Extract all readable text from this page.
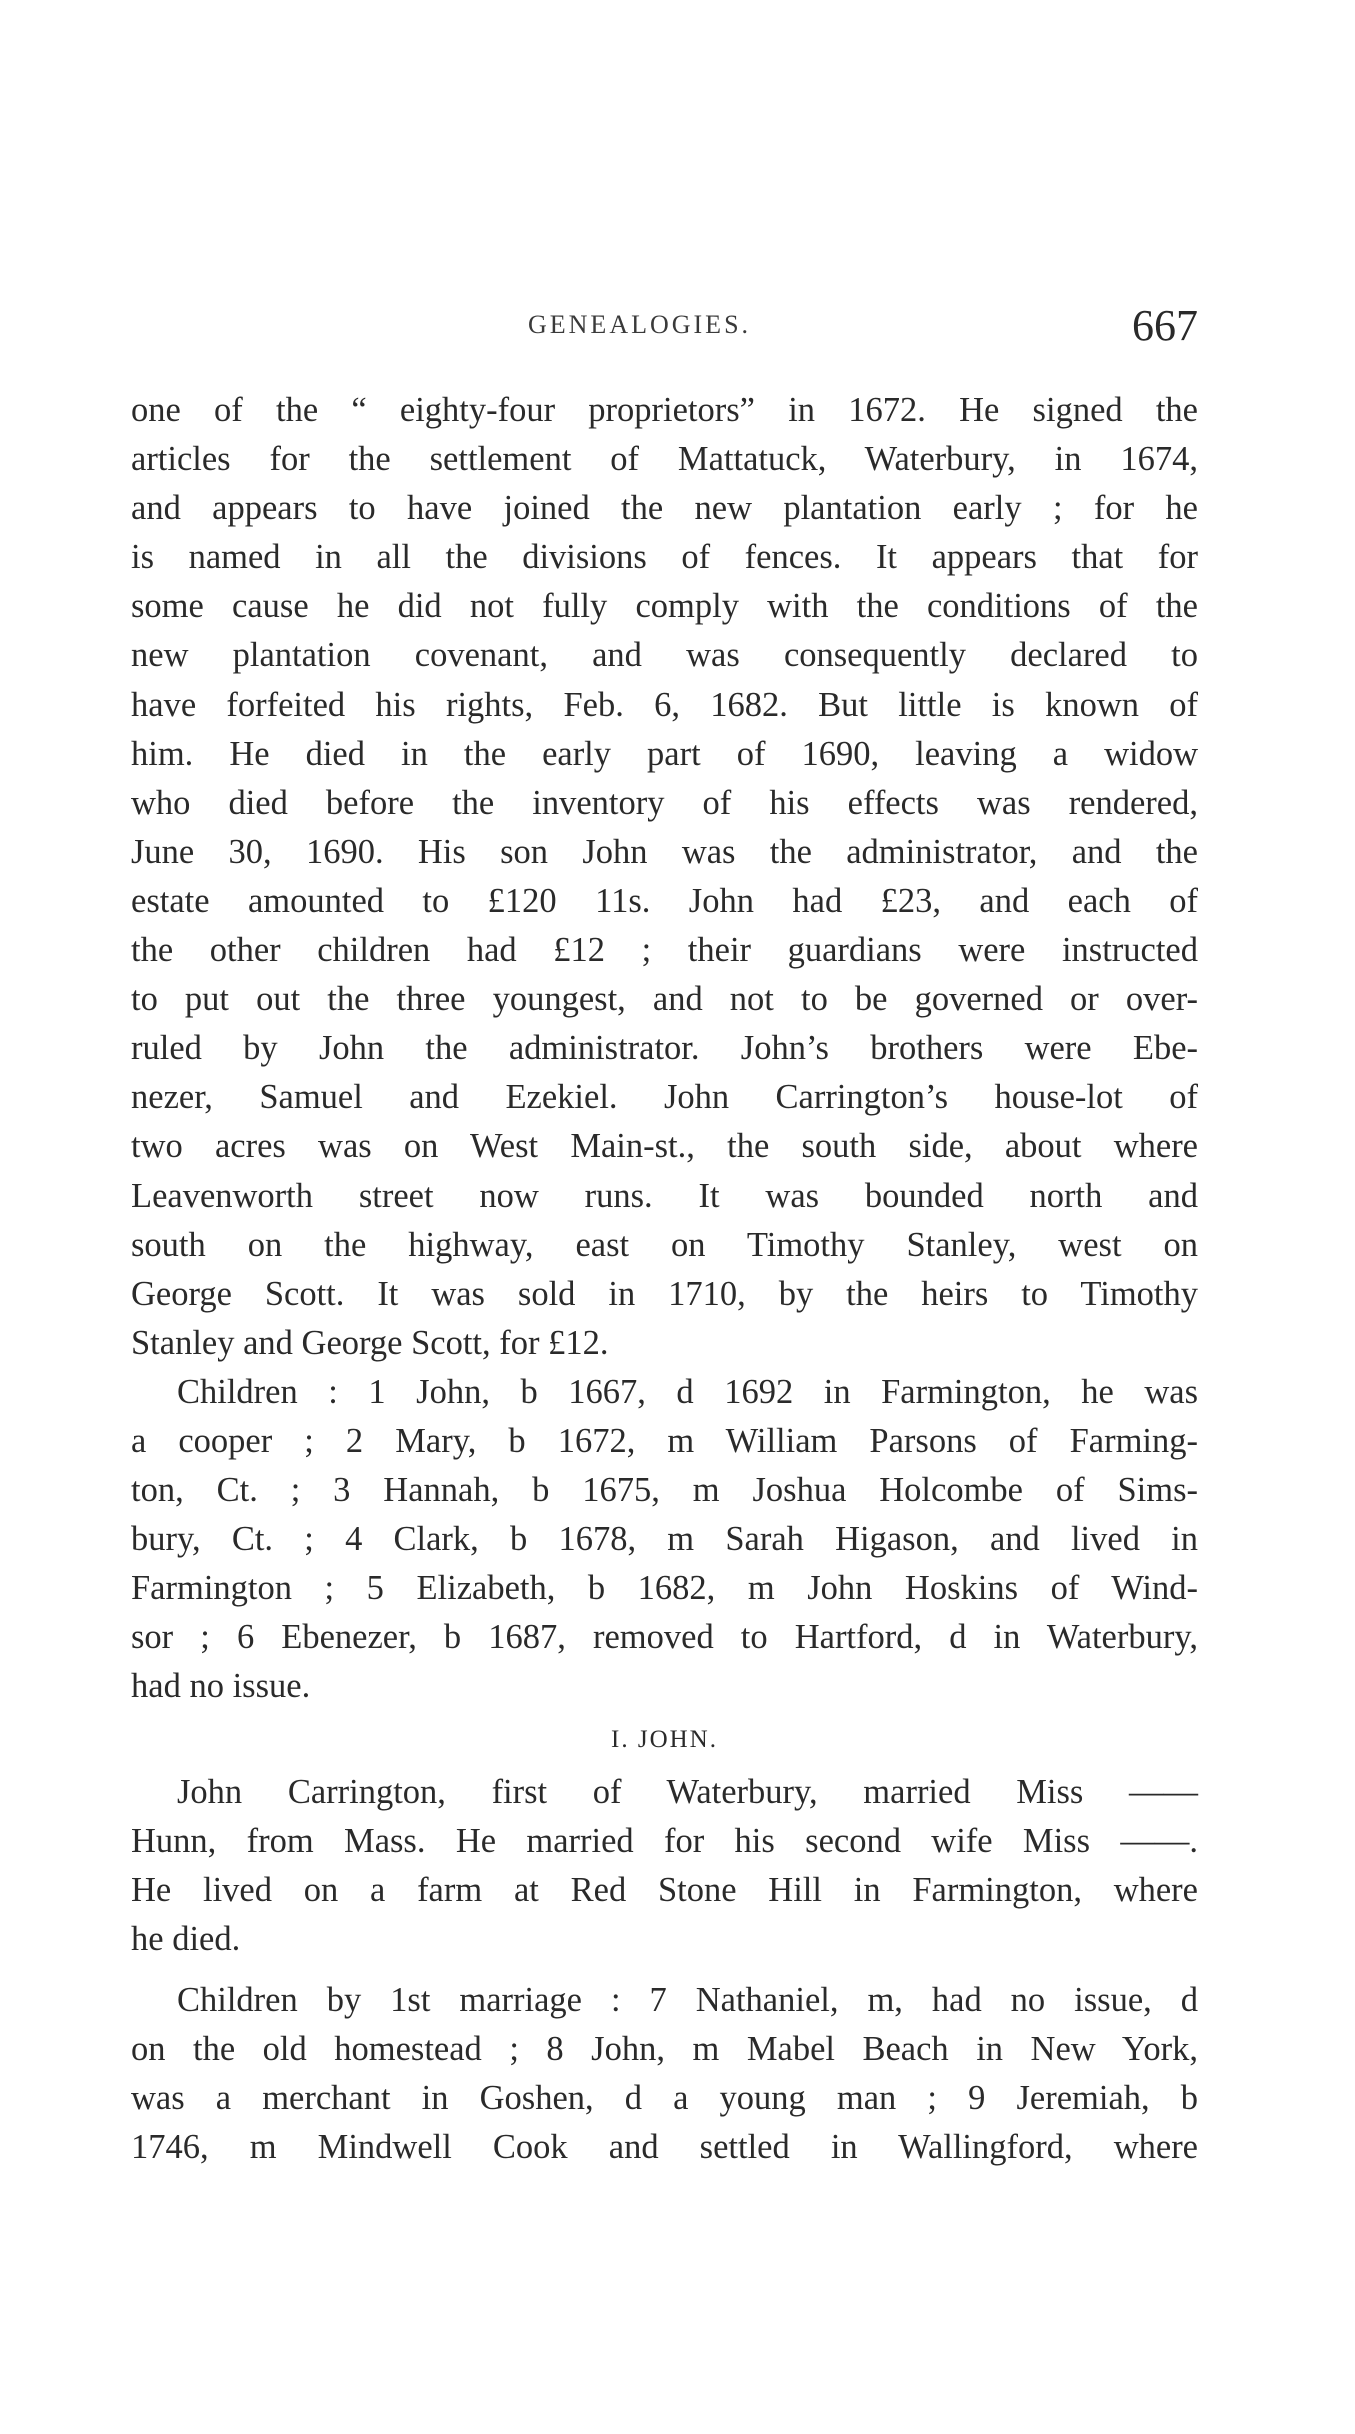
GENEALOGIES.	667
one of the “ eighty-four proprietors” in 1672. He signed the
articles for the settlement of Mattatuck, Waterbury, in 1674,
and appears to have joined the new plantation early ; for he
is named in all the divisions of fences. It appears that for
some cause he did not fully comply with the conditions of the
new plantation covenant, and was consequently declared to
have forfeited his rights, Feb. 6, 1682. But little is known of
him. He died in the early part of 1690, leaving a widow
who died before the inventory of his effects was rendered,
June 30, 1690. His son John was the administrator, and the
estate amounted to £120 11s. John had £23, and each of
the other children had £12 ; their guardians were instructed
to put out the three youngest, and not to be governed or over-
ruled by John the administrator. John’s brothers were Ebe-
nezer, Samuel and Ezekiel. John Carrington’s house-lot of
two acres was on West Main-st., the south side, about where
Leavenworth street now runs. It was bounded north and
south on the highway, east on Timothy Stanley, west on
George Scott. It was sold in 1710, by the heirs to Timothy
Stanley and George Scott, for £12.
Children : 1 John, b 1667, d 1692 in Farmington, he was
a cooper ; 2 Mary, b 1672, m William Parsons of Farming-
ton, Ct. ; 3 Hannah, b 1675, m Joshua Holcombe of Sims-
bury, Ct. ; 4 Clark, b 1678, m Sarah Higason, and lived in
Farmington ; 5 Elizabeth, b 1682, m John Hoskins of Wind-
sor ; 6 Ebenezer, b 1687, removed to Hartford, d in Waterbury,
had no issue.
I. JOHN.
John Carrington, first of Waterbury, married Miss ——
Hunn, from Mass. He married for his second wife Miss ——.
He lived on a farm at Red Stone Hill in Farmington, where
he died.
Children by 1st marriage : 7 Nathaniel, m, had no issue, d
on the old homestead ; 8 John, m Mabel Beach in New York,
was a merchant in Goshen, d a young man ; 9 Jeremiah, b
1746, m Mindwell Cook and settled in Wallingford, where
